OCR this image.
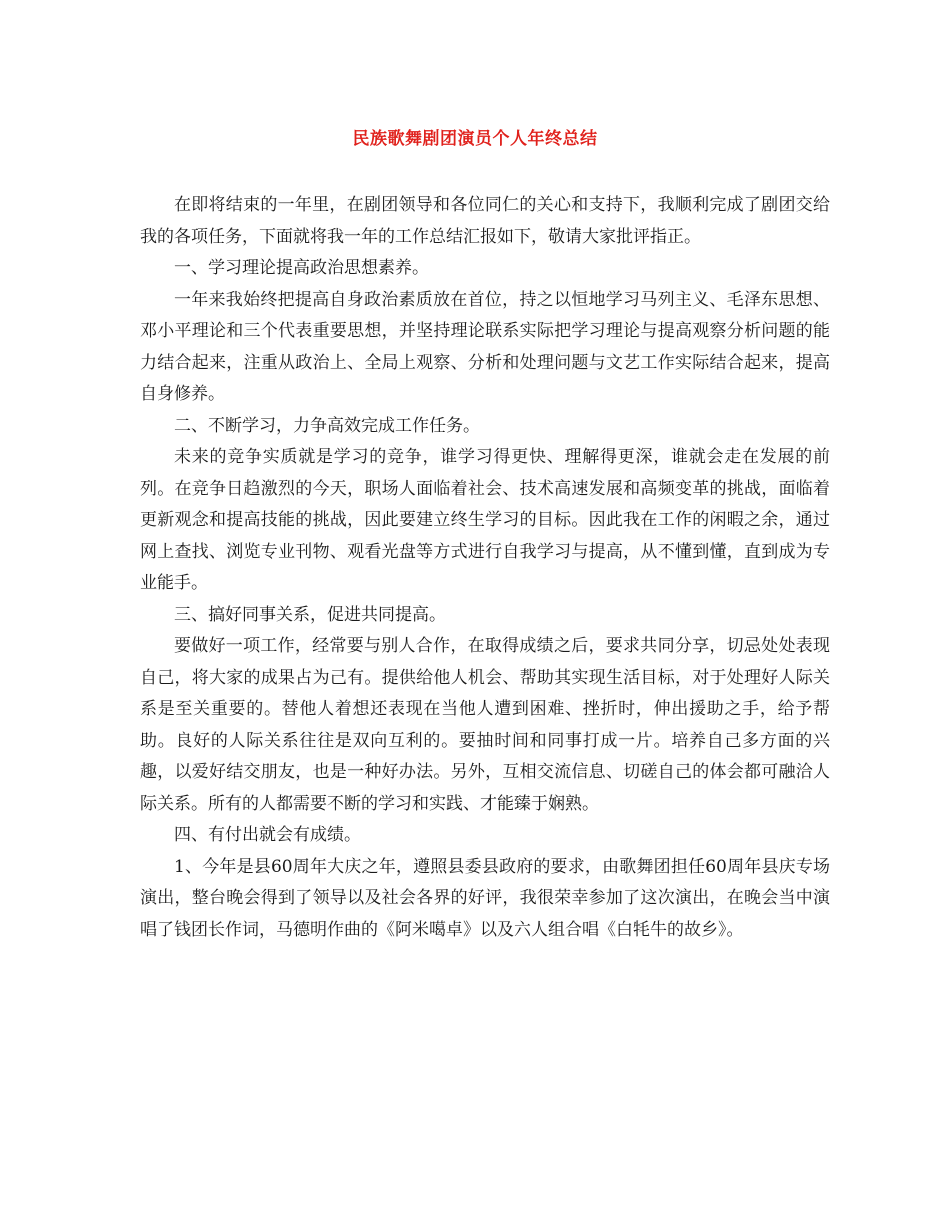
民族歌舞剧团演员个人年终总结

在即将结束的一年里，在剧团领导和各位同仁的关心和支持下，我顺利完成了剧团交给我的各项任务，下面就将我一年的工作总结汇报如下，敬请大家批评指正。

一、学习理论提高政治思想素养。

一年来我始终把提高自身政治素质放在首位，持之以恒地学习马列主义、毛泽东思想、邓小平理论和三个代表重要思想，并坚持理论联系实际把学习理论与提高观察分析问题的能力结合起来，注重从政治上、全局上观察、分析和处理问题与文艺工作实际结合起来，提高自身修养。

二、不断学习，力争高效完成工作任务。

未来的竞争实质就是学习的竞争，谁学习得更快、理解得更深，谁就会走在发展的前列。在竞争日趋激烈的今天，职场人面临着社会、技术高速发展和高频变革的挑战，面临着更新观念和提高技能的挑战，因此要建立终生学习的目标。因此我在工作的闲暇之余，通过网上查找、浏览专业刊物、观看光盘等方式进行自我学习与提高，从不懂到懂，直到成为专业能手。

三、搞好同事关系，促进共同提高。

要做好一项工作，经常要与别人合作，在取得成绩之后，要求共同分享，切忌处处表现自己，将大家的成果占为己有。提供给他人机会、帮助其实现生活目标，对于处理好人际关系是至关重要的。替他人着想还表现在当他人遭到困难、挫折时，伸出援助之手，给予帮助。良好的人际关系往往是双向互利的。要抽时间和同事打成一片。培养自己多方面的兴趣，以爱好结交朋友，也是一种好办法。另外，互相交流信息、切磋自己的体会都可融洽人际关系。所有的人都需要不断的学习和实践、才能臻于娴熟。

四、有付出就会有成绩。

1、今年是县60周年大庆之年，遵照县委县政府的要求，由歌舞团担任60周年县庆专场演出，整台晚会得到了领导以及社会各界的好评，我很荣幸参加了这次演出，在晚会当中演唱了钱团长作词，马德明作曲的《阿米噶卓》以及六人组合唱《白牦牛的故乡》。
